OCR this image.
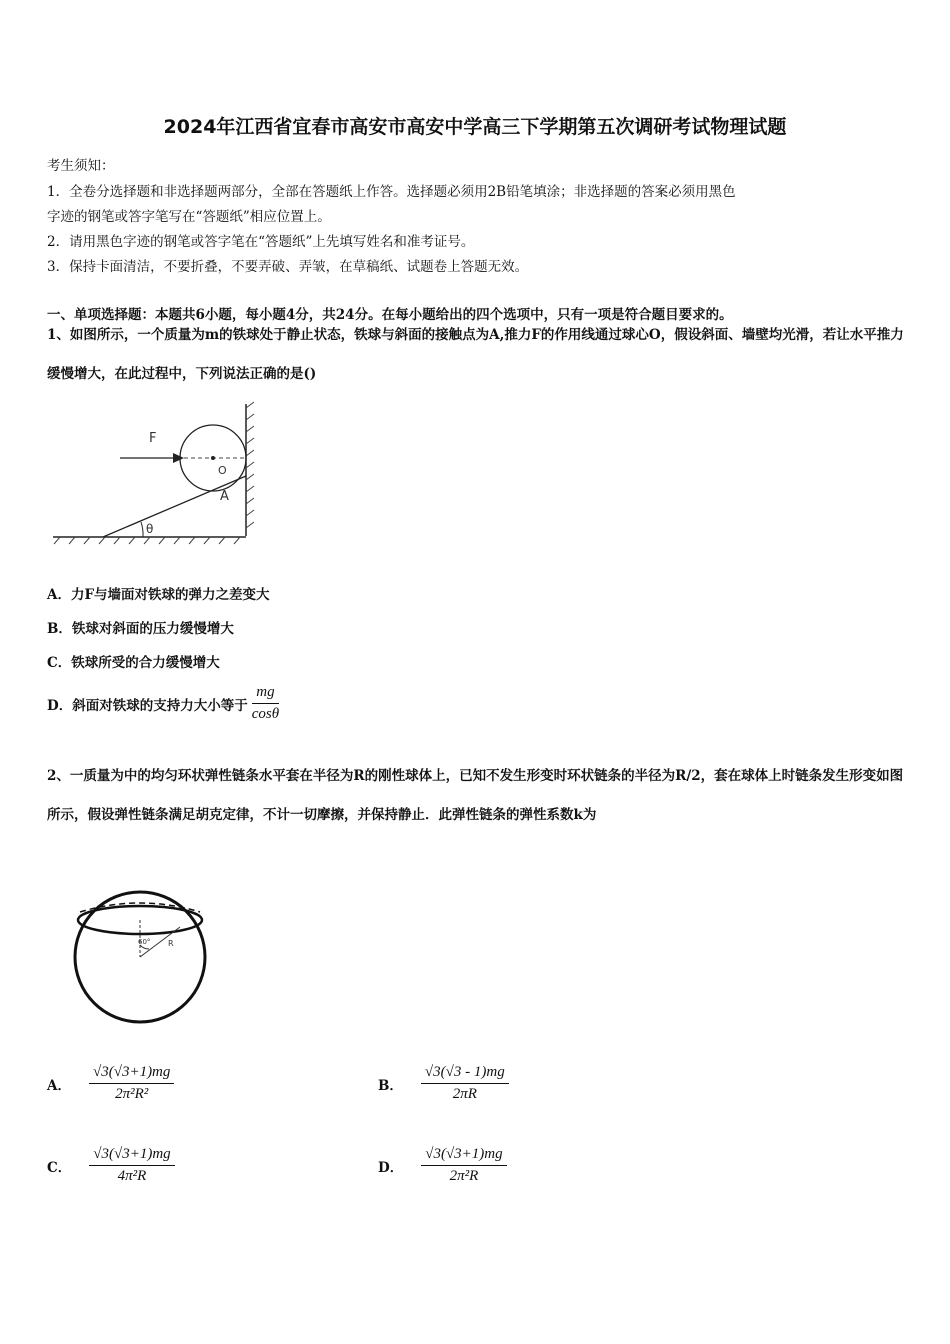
2024年江西省宜春市高安市高安中学高三下学期第五次调研考试物理试题
考生须知：
1．全卷分选择题和非选择题两部分，全部在答题纸上作答。选择题必须用2B铅笔填涂；非选择题的答案必须用黑色
字迹的钢笔或答字笔写在“答题纸”相应位置上。
2．请用黑色字迹的钢笔或答字笔在“答题纸”上先填写姓名和准考证号。
3．保持卡面清洁，不要折叠，不要弄破、弄皱，在草稿纸、试题卷上答题无效。
一、单项选择题：本题共6小题，每小题4分，共24分。在每小题给出的四个选项中，只有一项是符合题目要求的。
1、如图所示，一个质量为m的铁球处于静止状态，铁球与斜面的接触点为A,推力F的作用线通过球心O，假设斜面、墙壁均光滑，若让水平推力缓慢增大，在此过程中，下列说法正确的是()
F
O
A
θ
A．力F与墙面对铁球的弹力之差变大
B．铁球对斜面的压力缓慢增大
C．铁球所受的合力缓慢增大
D．斜面对铁球的支持力大小等于 $\frac{mg}{\cos\theta}$
2、一质量为中的均匀环状弹性链条水平套在半径为R的刚性球体上，已知不发生形变时环状链条的半径为R/2，套在球体上时链条发生形变如图所示，假设弹性链条满足胡克定律，不计一切摩擦，并保持静止．此弹性链条的弹性系数k为
60° R
A． $\frac{√3(√3+1)mg}{\text{2π²R²}}$	B． $\frac{√3(√3 - 1)mg}{2\pi R}$
C． $\frac{√3(√3+1)mg}{\text{4π²R}}$	D． $\frac{√3(√3+1)mg}{\text{2π²R}}$
